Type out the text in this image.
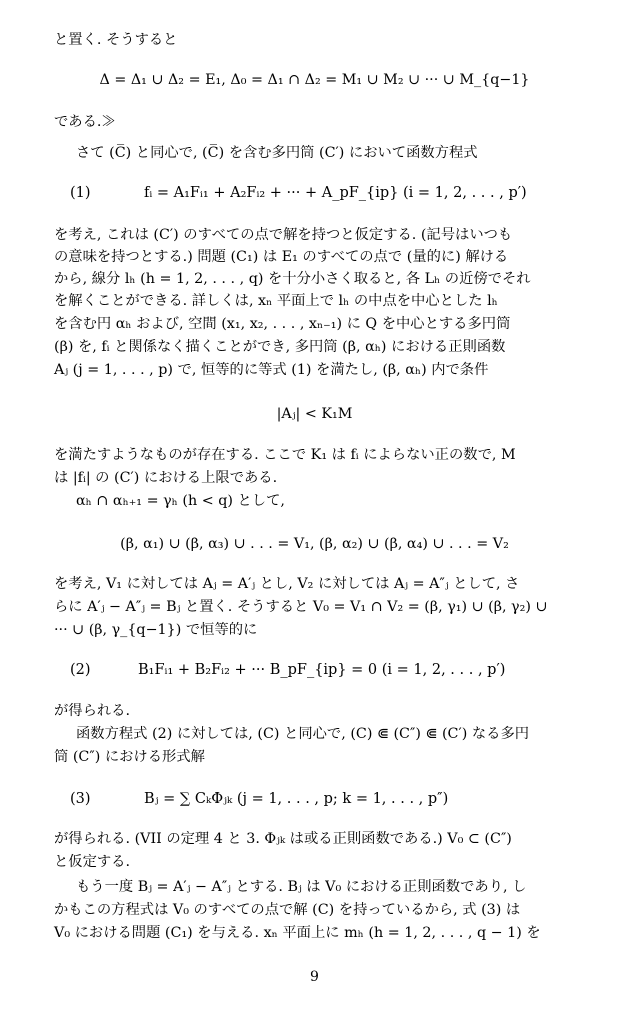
と置く. そうすると
Δ = Δ₁ ∪ Δ₂ = E₁, Δ₀ = Δ₁ ∩ Δ₂ = M₁ ∪ M₂ ∪ ··· ∪ M_{q−1}
である.≫
さて (C̅) と同心で, (C̅) を含む多円筒 (C′) において函数方程式
(1)	fᵢ = A₁Fᵢ₁ + A₂Fᵢ₂ + ··· + A_pF_{ip} (i = 1, 2, . . . , p′)
を考え, これは (C′) のすべての点で解を持つと仮定する. (記号はいつも
の意味を持つとする.) 問題 (C₁) は E₁ のすべての点で (量的に) 解ける
から, 線分 lₕ (h = 1, 2, . . . , q) を十分小さく取ると, 各 Lₕ の近傍でそれ
を解くことができる. 詳しくは, xₙ 平面上で lₕ の中点を中心とした lₕ
を含む円 αₕ および, 空間 (x₁, x₂, . . . , xₙ₋₁) に Q を中心とする多円筒
(β) を, fᵢ と関係なく描くことができ, 多円筒 (β, αₕ) における正則函数
Aⱼ (j = 1, . . . , p) で, 恒等的に等式 (1) を満たし, (β, αₕ) 内で条件
|Aⱼ| < K₁M
を満たすようなものが存在する. ここで K₁ は fᵢ によらない正の数で, M
は |fᵢ| の (C′) における上限である.
αₕ ∩ αₕ₊₁ = γₕ (h < q) として,
(β, α₁) ∪ (β, α₃) ∪ . . . = V₁, (β, α₂) ∪ (β, α₄) ∪ . . . = V₂
を考え, V₁ に対しては Aⱼ = A′ⱼ とし, V₂ に対しては Aⱼ = A″ⱼ として, さ
らに A′ⱼ − A″ⱼ = Bⱼ と置く. そうすると V₀ = V₁ ∩ V₂ = (β, γ₁) ∪ (β, γ₂) ∪
··· ∪ (β, γ_{q−1}) で恒等的に
(2)	B₁Fᵢ₁ + B₂Fᵢ₂ + ··· B_pF_{ip} = 0 (i = 1, 2, . . . , p′)
が得られる.
函数方程式 (2) に対しては, (C) と同心で, (C) ⋐ (C″) ⋐ (C′) なる多円
筒 (C″) における形式解
(3)	Bⱼ = ∑ CₖΦⱼₖ (j = 1, . . . , p; k = 1, . . . , p″)
が得られる. (VII の定理 4 と 3. Φⱼₖ は或る正則函数である.) V₀ ⊂ (C″)
と仮定する.
もう一度 Bⱼ = A′ⱼ − A″ⱼ とする. Bⱼ は V₀ における正則函数であり, し
かもこの方程式は V₀ のすべての点で解 (C) を持っているから, 式 (3) は
V₀ における問題 (C₁) を与える. xₙ 平面上に mₕ (h = 1, 2, . . . , q − 1) を
9
